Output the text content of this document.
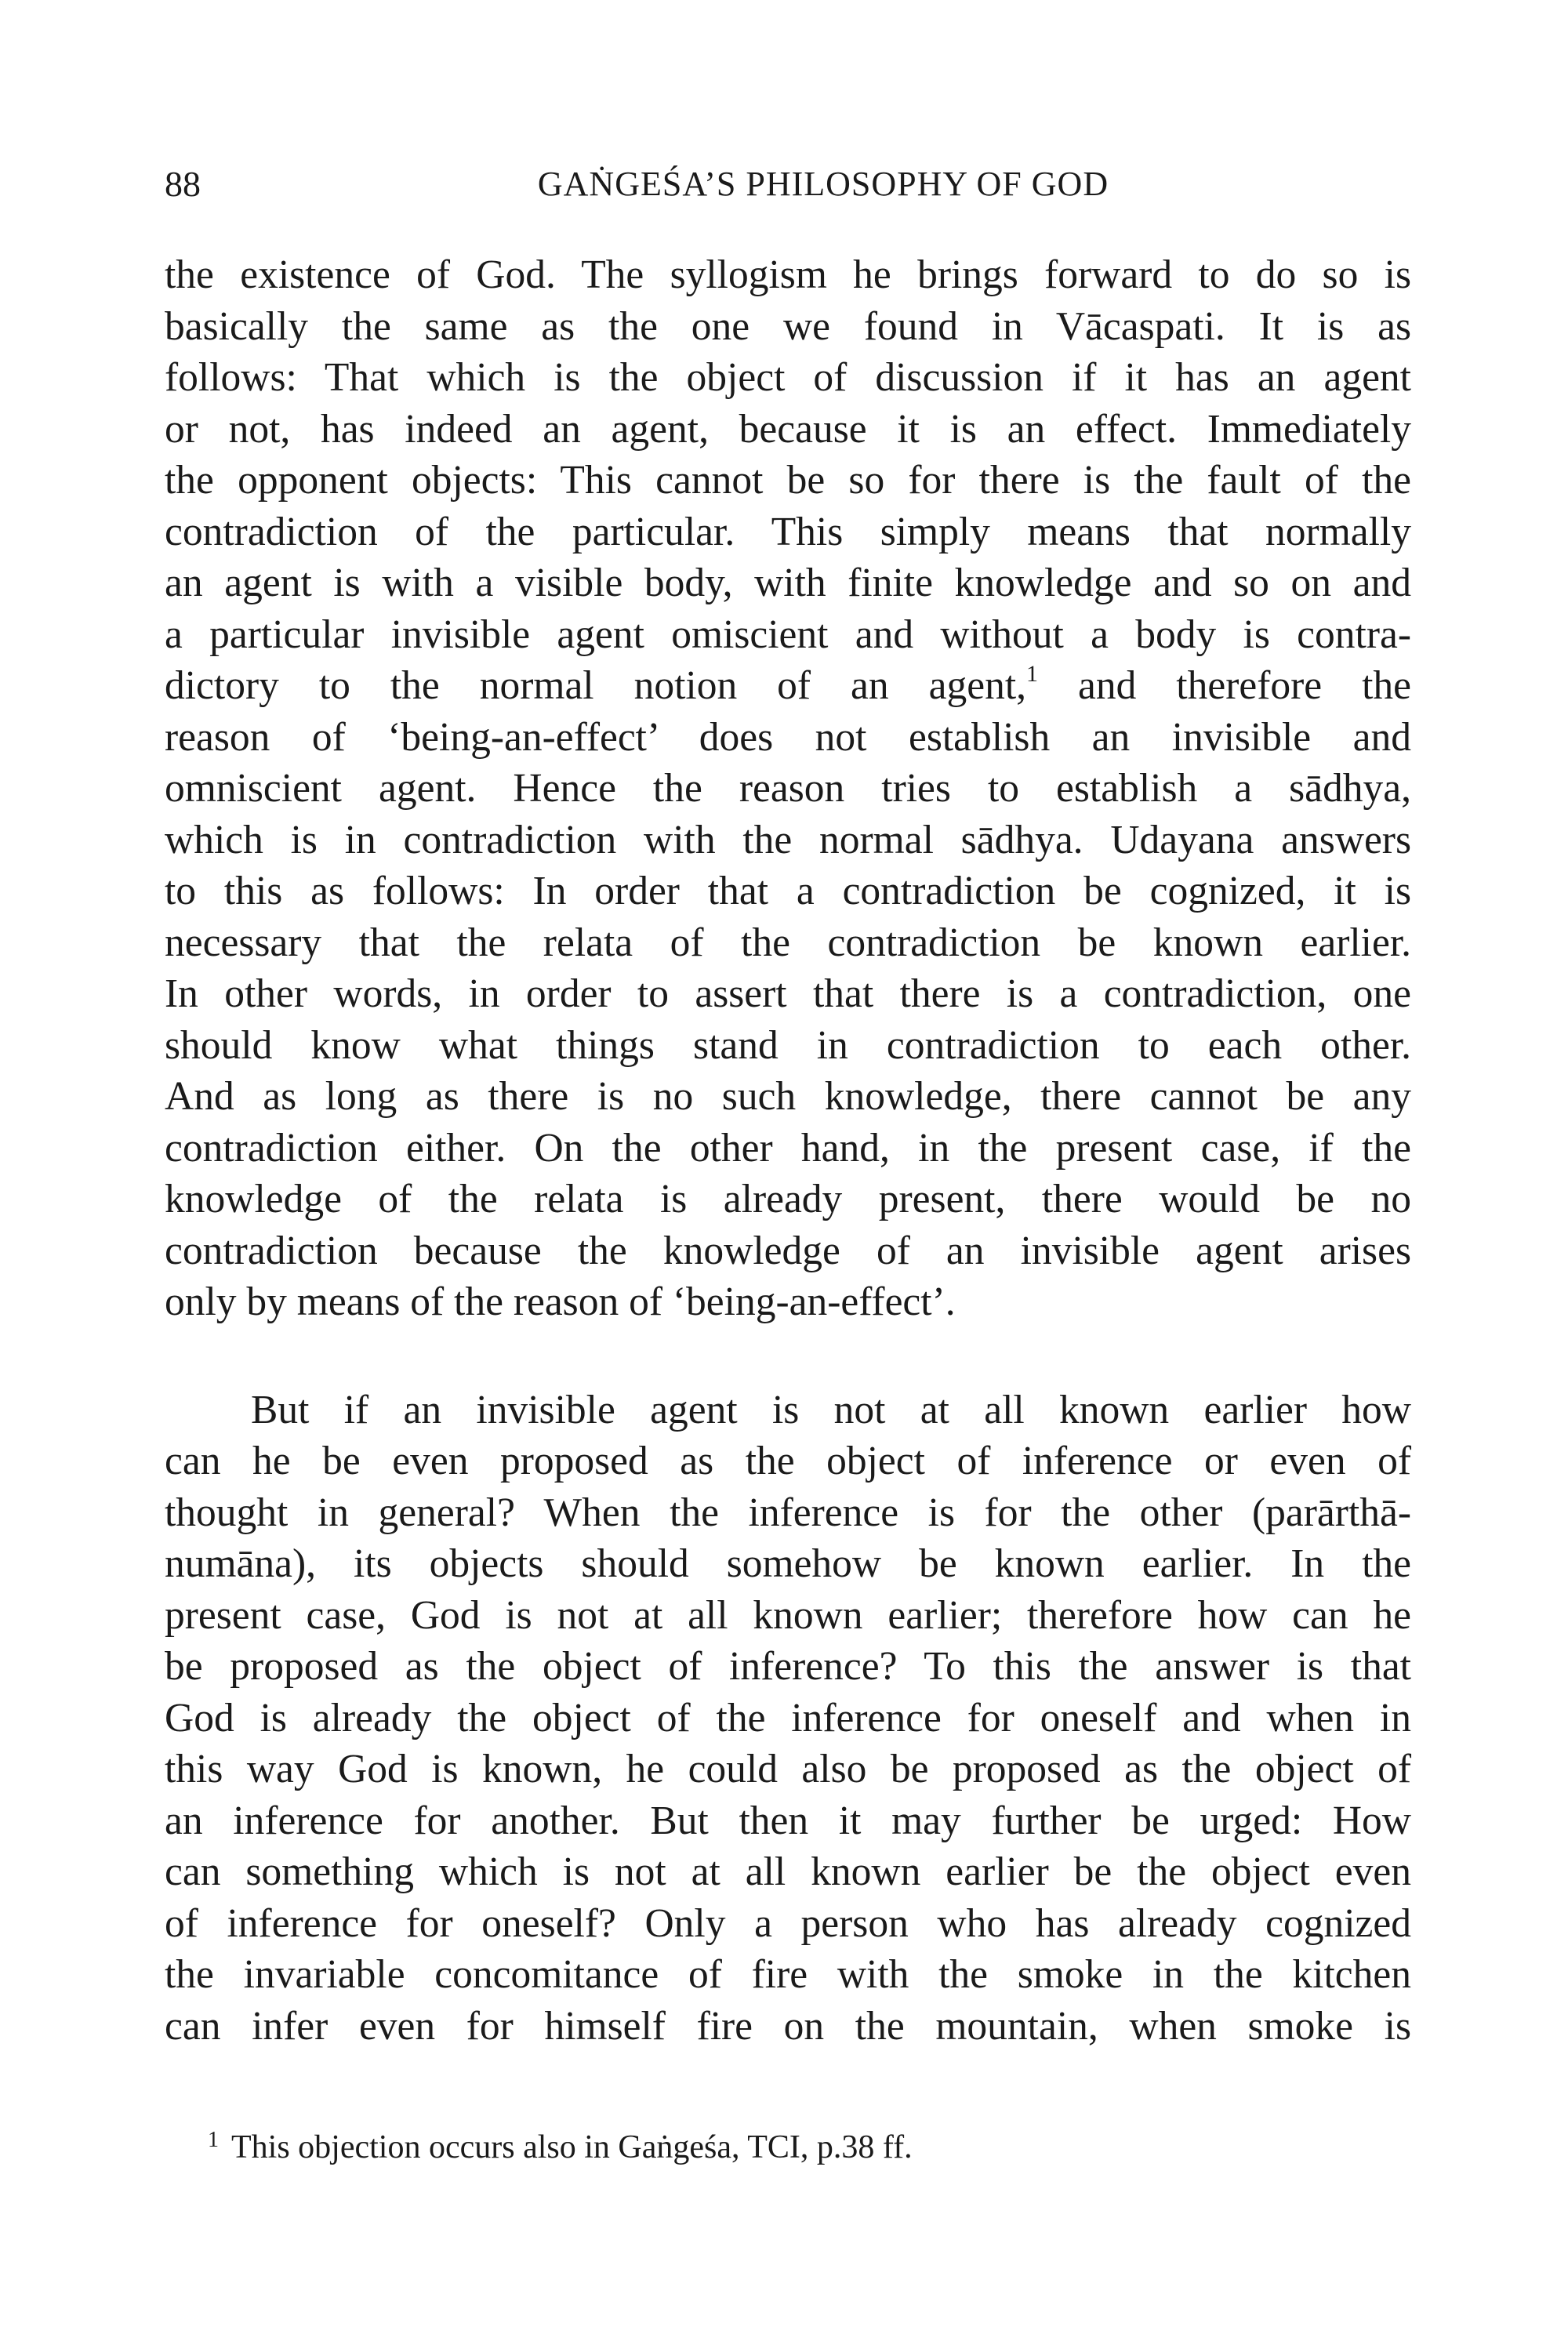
88	GAṄGEŚA’S PHILOSOPHY OF GOD
the existence of God. The syllogism he brings forward to do so is
basically the same as the one we found in Vācaspati. It is as
follows: That which is the object of discussion if it has an agent
or not, has indeed an agent, because it is an effect. Immediately
the opponent objects: This cannot be so for there is the fault of the
contradiction of the particular. This simply means that normally
an agent is with a visible body, with finite knowledge and so on and
a particular invisible agent omiscient and without a body is contra-
dictory to the normal notion of an agent,$^1$ and therefore the
reason of ‘being-an-effect’ does not establish an invisible and
omniscient agent. Hence the reason tries to establish a sādhya,
which is in contradiction with the normal sādhya. Udayana answers
to this as follows: In order that a contradiction be cognized, it is
necessary that the relata of the contradiction be known earlier.
In other words, in order to assert that there is a contradiction, one
should know what things stand in contradiction to each other.
And as long as there is no such knowledge, there cannot be any
contradiction either. On the other hand, in the present case, if the
knowledge of the relata is already present, there would be no
contradiction because the knowledge of an invisible agent arises
only by means of the reason of ‘being-an-effect’.
But if an invisible agent is not at all known earlier how
can he be even proposed as the object of inference or even of
thought in general? When the inference is for the other (parārthā-
numāna), its objects should somehow be known earlier. In the
present case, God is not at all known earlier; therefore how can he
be proposed as the object of inference? To this the answer is that
God is already the object of the inference for oneself and when in
this way God is known, he could also be proposed as the object of
an inference for another. But then it may further be urged: How
can something which is not at all known earlier be the object even
of inference for oneself? Only a person who has already cognized
the invariable concomitance of fire with the smoke in the kitchen
can infer even for himself fire on the mountain, when smoke is
$^1$ This objection occurs also in Gaṅgeśa, TCI, p.38 ff.
